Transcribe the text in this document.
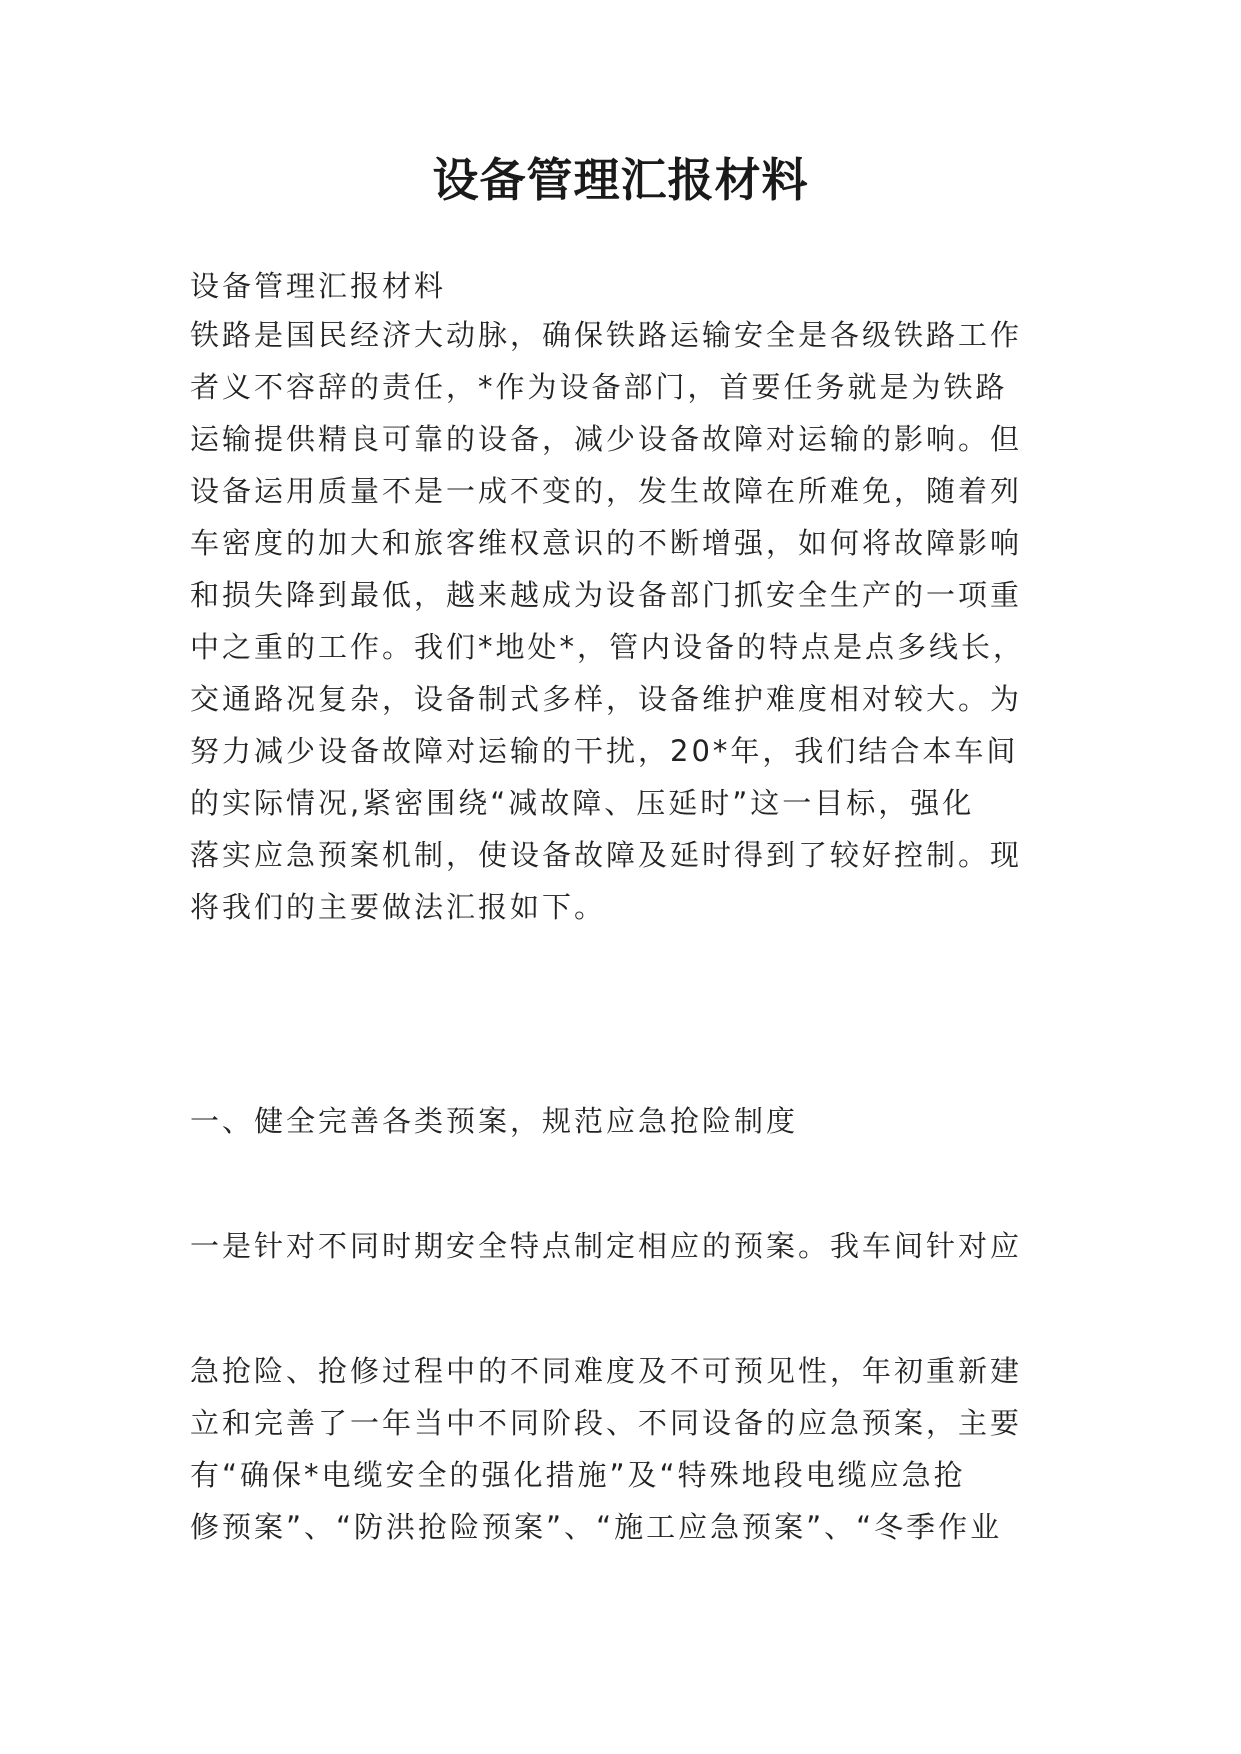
设备管理汇报材料
设备管理汇报材料
铁路是国民经济大动脉，确保铁路运输安全是各级铁路工作
者义不容辞的责任，*作为设备部门，首要任务就是为铁路
运输提供精良可靠的设备，减少设备故障对运输的影响。但
设备运用质量不是一成不变的，发生故障在所难免，随着列
车密度的加大和旅客维权意识的不断增强，如何将故障影响
和损失降到最低，越来越成为设备部门抓安全生产的一项重
中之重的工作。我们*地处*，管内设备的特点是点多线长，
交通路况复杂，设备制式多样，设备维护难度相对较大。为
努力减少设备故障对运输的干扰，20*年，我们结合本车间
的实际情况,紧密围绕“减故障、压延时”这一目标，强化
落实应急预案机制，使设备故障及延时得到了较好控制。现
将我们的主要做法汇报如下。
一、健全完善各类预案，规范应急抢险制度
一是针对不同时期安全特点制定相应的预案。我车间针对应
急抢险、抢修过程中的不同难度及不可预见性，年初重新建
立和完善了一年当中不同阶段、不同设备的应急预案，主要
有“确保*电缆安全的强化措施”及“特殊地段电缆应急抢
修预案”、“防洪抢险预案”、“施工应急预案”、“冬季作业
